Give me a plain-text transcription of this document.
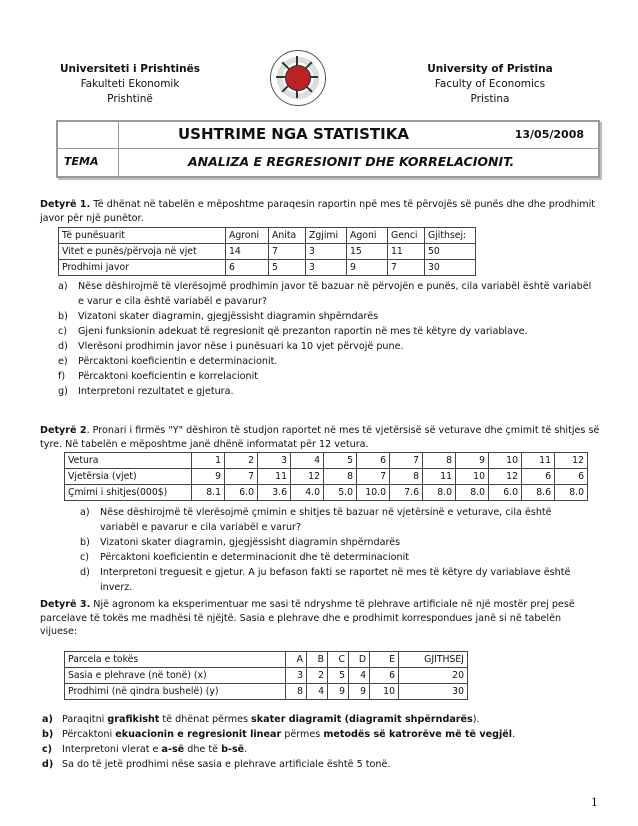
Universiteti i Prishtinës
Fakulteti Ekonomik
Prishtinë
University of Pristina
Faculty of Economics
Pristina
USHTRIME NGA STATISTIKA	13/05/2008
TEMA	ANALIZA E REGRESIONIT DHE KORRELACIONIT.

Detyrë 1. Të dhënat në tabelën e mëposhtme paraqesin raportin npë mes të përvojës së punës dhe dhe prodhimit javor për një punëtor.

Të punësuarit	Agroni	Anita	Zgjimi	Agoni	Genci	Gjithsej:
Vitet e punës/përvoja në vjet	14	7	3	15	11	50
Prodhimi javor	6	5	3	9	7	30
a)	Nëse dëshirojmë të vlerësojmë prodhimin javor të bazuar në përvojën e punës, cila variabël është variabël e varur e cila është variabël e pavarur?
b)	Vizatoni skater diagramin, gjegjëssisht diagramin shpërndarës
c)	Gjeni funksionin adekuat të regresionit që prezanton raportin në mes të këtyre dy variablave.
d)	Vlerësoni prodhimin javor nëse i punësuari ka 10 vjet përvojë pune.
e)	Përcaktoni koeficientin e determinacionit.
f)	Përcaktoni koeficientin e korrelacionit
g)	Interpretoni rezultatet e gjetura.

Detyrë 2. Pronari i firmës "Y" dëshiron të studjon raportet në mes të vjetërsisë së veturave dhe çmimit të shitjes së tyre. Në tabelën e mëposhtme janë dhënë informatat për 12 vetura.

Vetura	1	2	3	4	5	6	7	8	9	10	11	12
Vjetërsia (vjet)	9	7	11	12	8	7	8	11	10	12	6	6
Çmimi i shitjes(000$)	8.1	6.0	3.6	4.0	5.0	10.0	7.6	8.0	8.0	6.0	8.6	8.0
a)	Nëse dëshirojmë të vlerësojmë çmimin e shitjes të bazuar në vjetërsinë e veturave, cila është variabël e pavarur e cila variabël e varur?
b)	Vizatoni skater diagramin, gjegjëssisht diagramin shpërndarës
c)	Përcaktoni koeficientin e determinacionit dhe të determinacionit
d)	Interpretoni treguesit e gjetur. A ju befason fakti se raportet në mes të këtyre dy variablave është inverz.

Detyrë 3. Një agronom ka eksperimentuar me sasi të ndryshme të plehrave artificiale në një mostër prej pesë parcelave të tokës me madhësi të njëjtë. Sasia e plehrave dhe e prodhimit korrespondues janë si në tabelën vijuese:

Parcela e tokës	A	B	C	D	E	GJITHSEJ
Sasia e plehrave (në tonë) (x)	3	2	5	4	6	20
Prodhimi (në qindra bushelë) (y)	8	4	9	9	10	30
a) Paraqitni grafikisht të dhënat përmes skater diagramit (diagramit shpërndarës).
b) Përcaktoni ekuacionin e regresionit linear përmes metodës së katrorëve më të vegjël.
c)	Interpretoni vlerat e a-së dhe të b-së.
d) Sa do të jetë prodhimi nëse sasia e plehrave artificiale është 5 tonë.
1
